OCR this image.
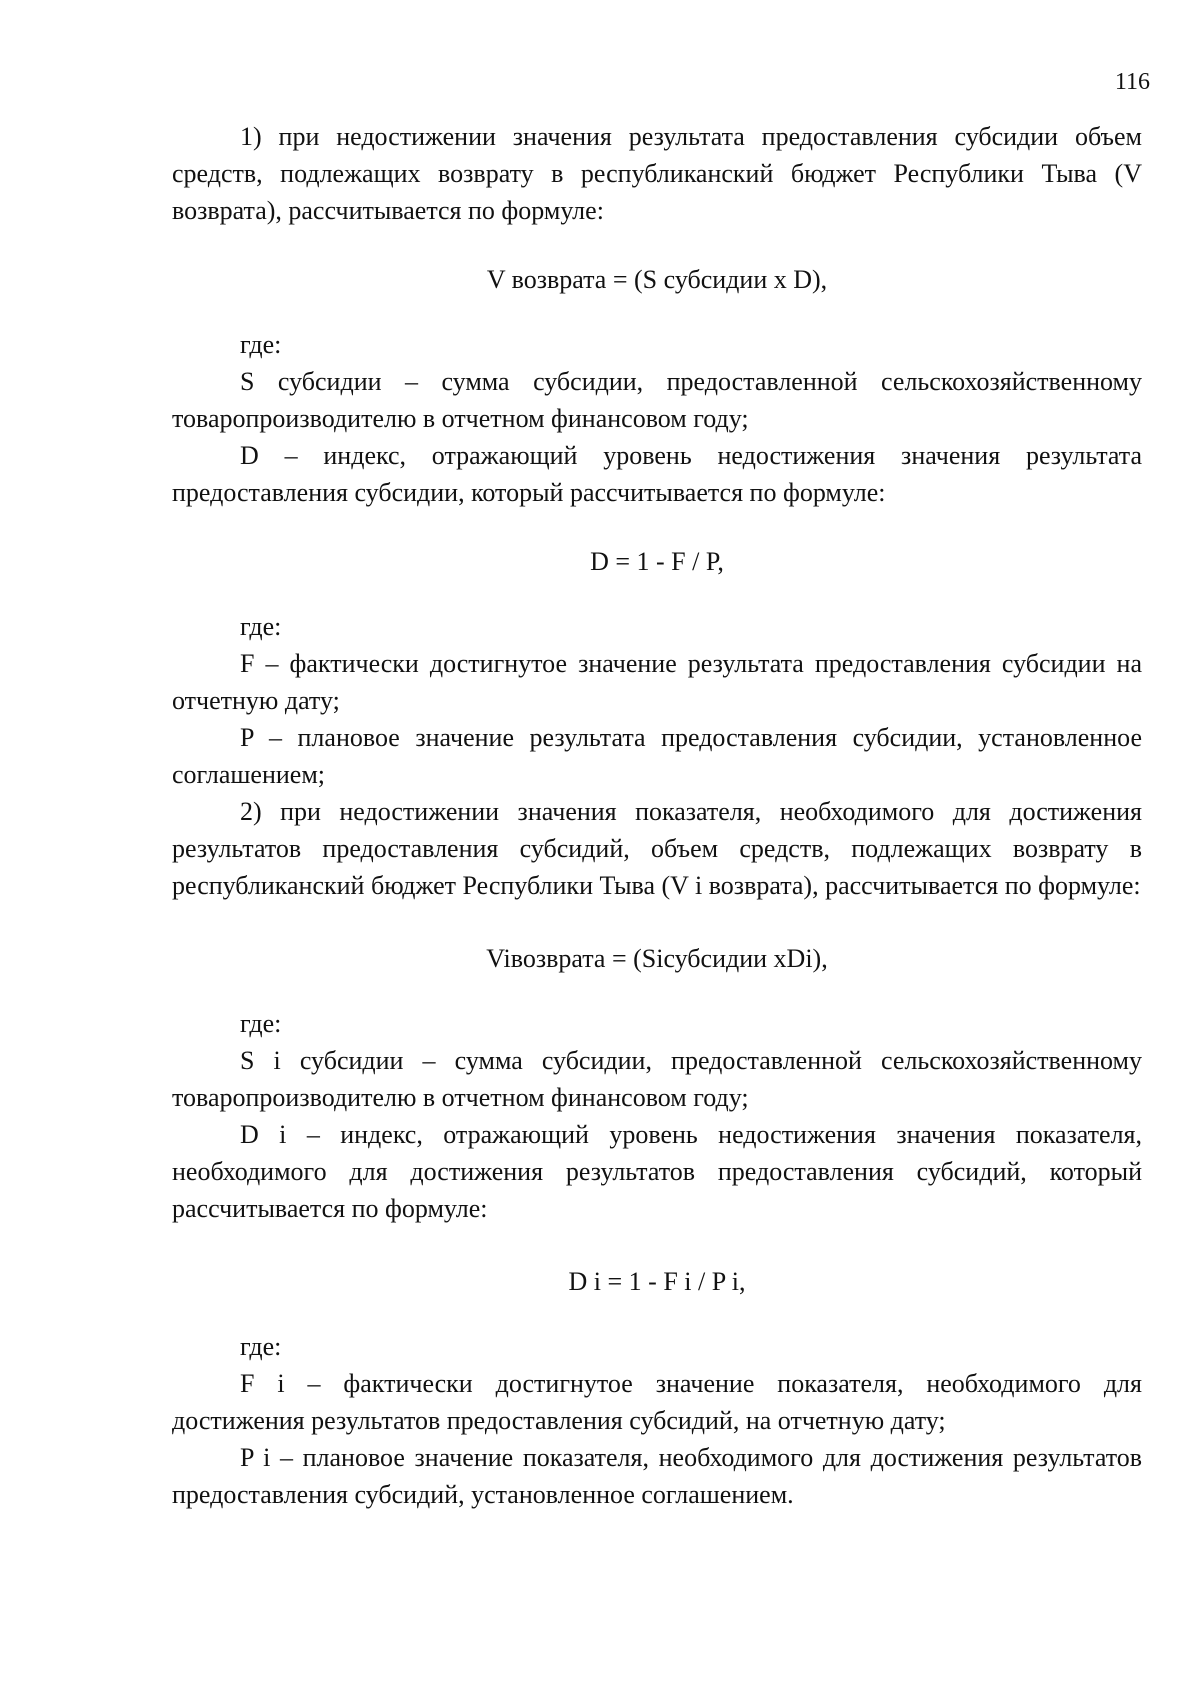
116

1) при недостижении значения результата предоставления субсидии объем средств, подлежащих возврату в республиканский бюджет Республики Тыва (V возврата), рассчитывается по формуле:

V возврата = (S субсидии x D),

где:

S субсидии – сумма субсидии, предоставленной сельскохозяйственному товаропроизводителю в отчетном финансовом году;

D – индекс, отражающий уровень недостижения значения результата предоставления субсидии, который рассчитывается по формуле:

D = 1 - F / P,

где:

F – фактически достигнутое значение результата предоставления субсидии на отчетную дату;

P – плановое значение результата предоставления субсидии, установленное соглашением;

2) при недостижении значения показателя, необходимого для достижения результатов предоставления субсидий, объем средств, подлежащих возврату в республиканский бюджет Республики Тыва (V i возврата), рассчитывается по формуле:

Viвозврата = (Siсубсидии xDi),

где:

S i субсидии – сумма субсидии, предоставленной сельскохозяйственному товаропроизводителю в отчетном финансовом году;

D i – индекс, отражающий уровень недостижения значения показателя, необходимого для достижения результатов предоставления субсидий, который рассчитывается по формуле:

D i = 1 - F i / P i,

где:

F i – фактически достигнутое значение показателя, необходимого для достижения результатов предоставления субсидий, на отчетную дату;

P i – плановое значение показателя, необходимого для достижения результатов предоставления субсидий, установленное соглашением.
